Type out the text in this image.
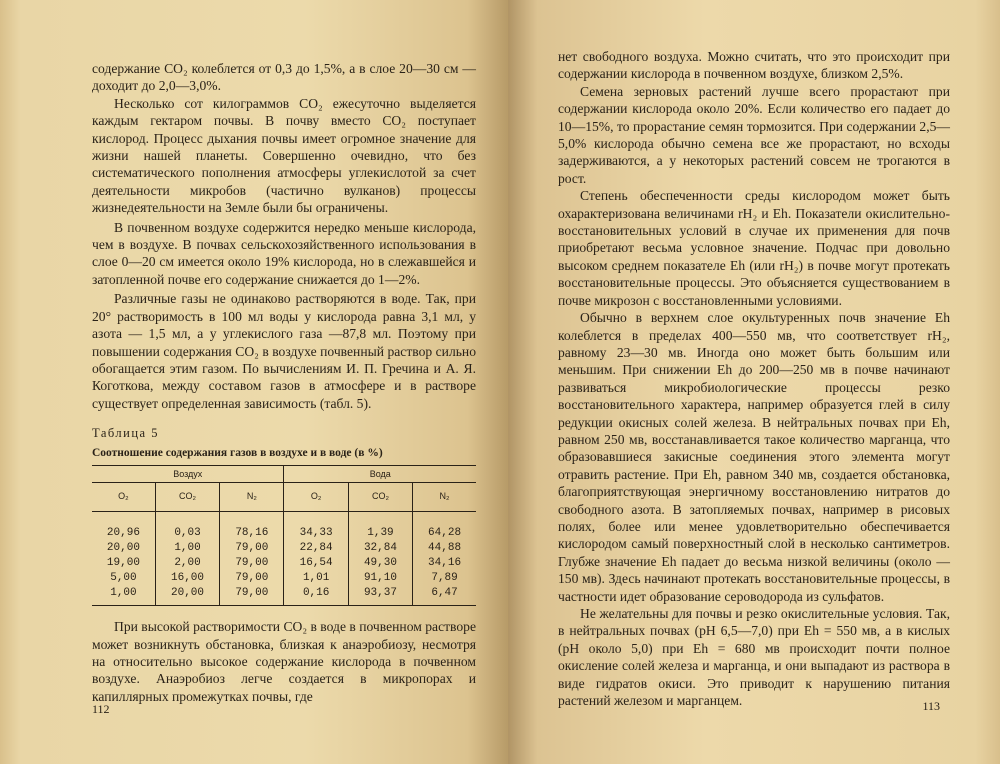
содержание CO₂ колеблется от 0,3 до 1,5%, а в слое 20—30 см — доходит до 2,0—3,0%.

Несколько сот килограммов CO₂ ежесуточно выделяется каждым гектаром почвы. В почву вместо CO₂ поступает кислород. Процесс дыхания почвы имеет огромное значение для жизни нашей планеты. Совершенно очевидно, что без систематического пополнения атмосферы углекислотой за счет деятельности микробов (частично вулканов) процессы жизнедеятельности на Земле были бы ограничены.

В почвенном воздухе содержится нередко меньше кислорода, чем в воздухе. В почвах сельскохозяйственного использования в слое 0—20 см имеется около 19% кислорода, но в слежавшейся и затопленной почве его содержание снижается до 1—2%.

Различные газы не одинаково растворяются в воде. Так, при 20° растворимость в 100 мл воды у кислорода равна 3,1 мл, у азота — 1,5 мл, а у углекислого газа —87,8 мл. Поэтому при повышении содержания CO₂ в воздухе почвенный раствор сильно обогащается этим газом. По вычислениям И. П. Гречина и А. Я. Коготкова, между составом газов в атмосфере и в растворе существует определенная зависимость (табл. 5).

Таблица 5
Соотношение содержания газов в воздухе и в воде (в %)
Воздух			Вода		
O₂	CO₂	N₂	O₂	CO₂	N₂
20,96	0,03	78,16	34,33	1,39	64,28
20,00	1,00	79,00	22,84	32,84	44,88
19,00	2,00	79,00	16,54	49,30	34,16
5,00	16,00	79,00	1,01	91,10	7,89
1,00	20,00	79,00	0,16	93,37	6,47

При высокой растворимости CO₂ в воде в почвенном растворе может возникнуть обстановка, близкая к анаэробиозу, несмотря на относительно высокое содержание кислорода в почвенном воздухе. Анаэробиоз легче создается в микропорах и капиллярных промежутках почвы, где

112

нет свободного воздуха. Можно считать, что это происходит при содержании кислорода в почвенном воздухе, близком 2,5%.

Семена зерновых растений лучше всего прорастают при содержании кислорода около 20%. Если количество его падает до 10—15%, то прорастание семян тормозится. При содержании 2,5—5,0% кислорода обычно семена все же прорастают, но всходы задерживаются, а у некоторых растений совсем не трогаются в рост.

Степень обеспеченности среды кислородом может быть охарактеризована величинами rH₂ и Eh. Показатели окислительно-восстановительных условий в случае их применения для почв приобретают весьма условное значение. Подчас при довольно высоком среднем показателе Eh (или rH₂) в почве могут протекать восстановительные процессы. Это объясняется существованием в почве микрозон с восстановленными условиями.

Обычно в верхнем слое окультуренных почв значение Eh колеблется в пределах 400—550 мв, что соответствует rH₂, равному 23—30 мв. Иногда оно может быть большим или меньшим. При снижении Eh до 200—250 мв в почве начинают развиваться микробиологические процессы резко восстановительного характера, например образуется глей в силу редукции окисных солей железа. В нейтральных почвах при Eh, равном 250 мв, восстанавливается такое количество марганца, что образовавшиеся закисные соединения этого элемента могут отравить растение. При Eh, равном 340 мв, создается обстановка, благоприятствующая энергичному восстановлению нитратов до свободного азота. В затопляемых почвах, например в рисовых полях, более или менее удовлетворительно обеспечивается кислородом самый поверхностный слой в несколько сантиметров. Глубже значение Eh падает до весьма низкой величины (около —150 мв). Здесь начинают протекать восстановительные процессы, в частности идет образование сероводорода из сульфатов.

Не желательны для почвы и резко окислительные условия. Так, в нейтральных почвах (pH 6,5—7,0) при Eh = 550 мв, а в кислых (pH около 5,0) при Eh = 680 мв происходит почти полное окисление солей железа и марганца, и они выпадают из раствора в виде гидратов окиси. Это приводит к нарушению питания растений железом и марганцем.	113
